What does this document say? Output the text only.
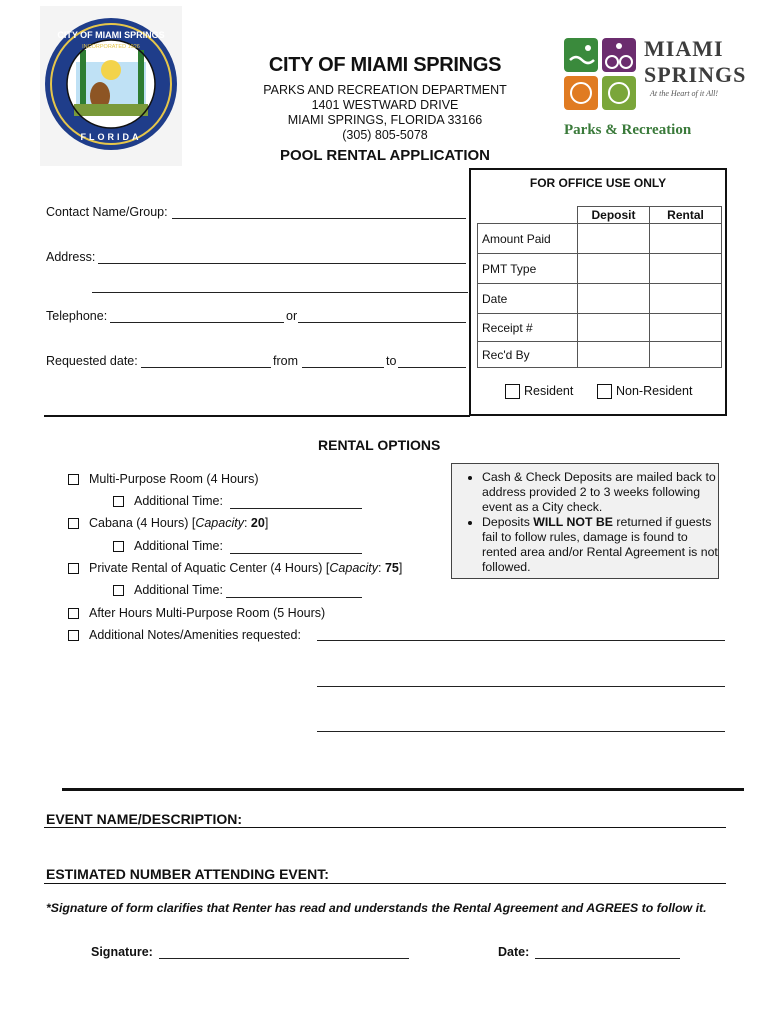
CITY OF MIAMI SPRINGS
INCORPORATED 1926
FLORIDA
CITY OF MIAMI SPRINGS
PARKS AND RECREATION DEPARTMENT
1401 WESTWARD DRIVE
MIAMI SPRINGS, FLORIDA 33166
(305) 805-5078
POOL RENTAL APPLICATION
MIAMI
SPRINGS
At the Heart of it All!
Parks & Recreation
Contact Name/Group:
Address:
Telephone:	or
Requested date:	from	to
FOR OFFICE USE ONLY
	Deposit	Rental
Amount Paid		
PMT Type		
Date		
Receipt #		
Rec'd By		
Resident	Non-Resident
RENTAL OPTIONS
Multi-Purpose Room (4 Hours)
Additional Time:
Cabana (4 Hours) [Capacity: 20]
Additional Time:
Private Rental of Aquatic Center (4 Hours) [Capacity: 75]
Additional Time:
After Hours Multi-Purpose Room (5 Hours)
Additional Notes/Amenities requested:
• Cash & Check Deposits are mailed back to address provided 2 to 3 weeks following event as a City check.
• Deposits WILL NOT BE returned if guests fail to follow rules, damage is found to rented area and/or Rental Agreement is not followed.
EVENT NAME/DESCRIPTION:
ESTIMATED NUMBER ATTENDING EVENT:
*Signature of form clarifies that Renter has read and understands the Rental Agreement and AGREES to follow it.
Signature:	Date:
